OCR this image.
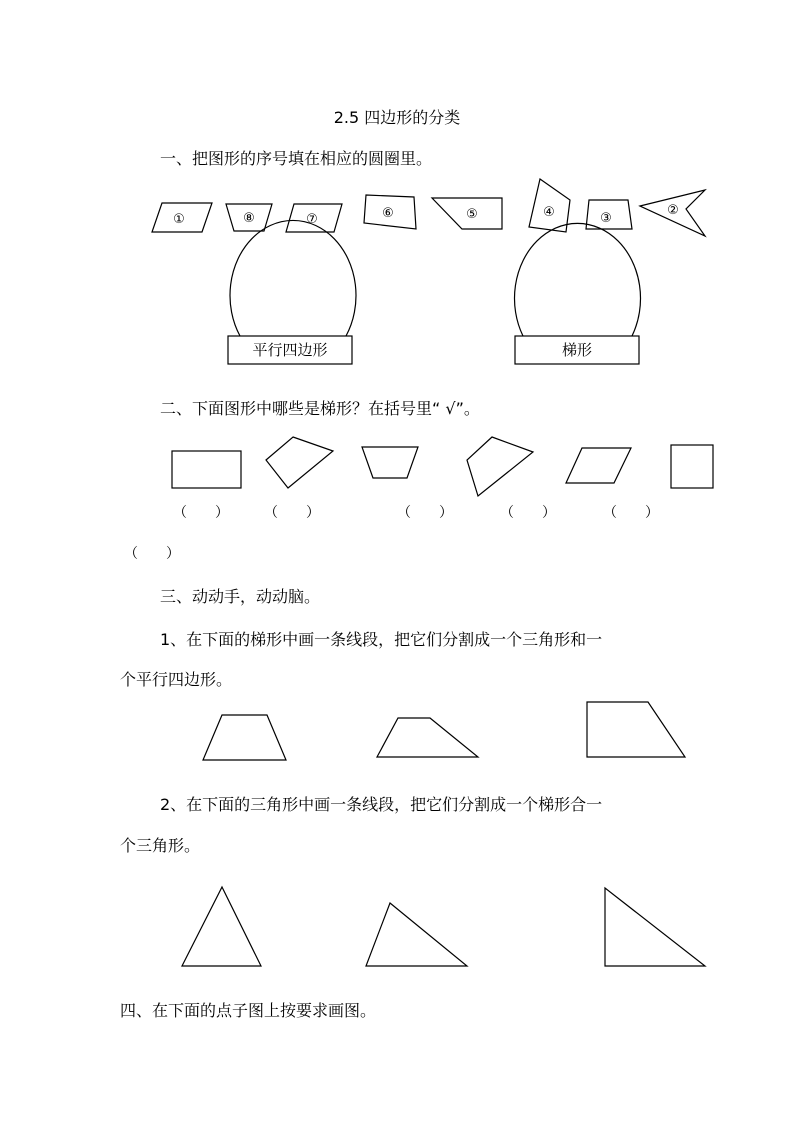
2.5 四边形的分类
一、把图形的序号填在相应的圆圈里。
①	⑧	⑦	⑥	⑤	④	③
②
平行四边形	梯形
二、下面图形中哪些是梯形？在括号里“ √”。
（　　）	（　　）	（　　）	（　　）	（　　）
（　　）
三、动动手，动动脑。
1、在下面的梯形中画一条线段，把它们分割成一个三角形和一
个平行四边形。
2、在下面的三角形中画一条线段，把它们分割成一个梯形合一
个三角形。
四、在下面的点子图上按要求画图。
